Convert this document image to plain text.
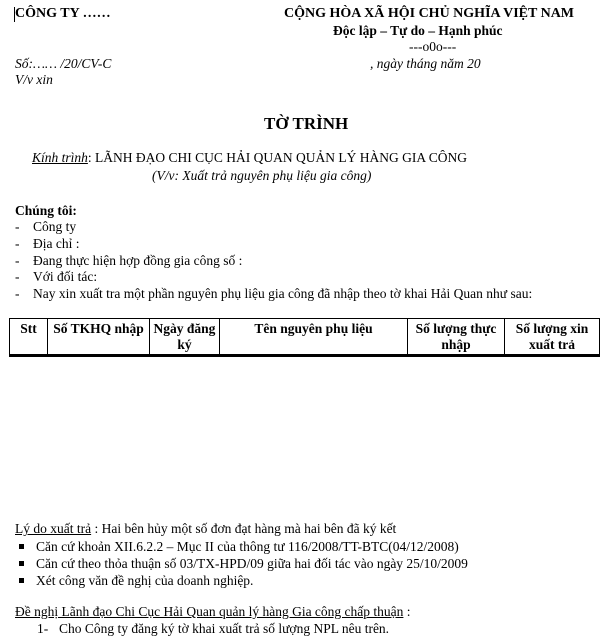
CÔNG TY ……	CỘNG HÒA XÃ HỘI CHỦ NGHĨA VIỆT NAM
Độc lập – Tự do – Hạnh phúc
---o0o---
Số:…… /20/CV-C	, ngày tháng năm 20
V/v xin
TỜ TRÌNH
Kính trình: LÃNH ĐẠO CHI CỤC HẢI QUAN QUẢN LÝ HÀNG GIA CÔNG
(V/v: Xuất trả nguyên phụ liệu gia công)
Chúng tôi:
- Công ty
- Địa chỉ :
- Đang thực hiện hợp đồng gia công số :
- Với đối tác:
- Nay xin xuất tra một phần nguyên phụ liệu gia công đã nhập theo tờ khai Hải Quan như sau:
Stt	Số TKHQ nhập	Ngày đăng ký	Tên nguyên phụ liệu	Số lượng thực nhập	Số lượng xin xuất trả

Lý do xuất trả : Hai bên hủy một số đơn đạt hàng mà hai bên đã ký kết
Căn cứ khoản XII.6.2.2 – Mục II của thông tư 116/2008/TT-BTC(04/12/2008)
Căn cứ theo thỏa thuận số 03/TX-HPD/09 giữa hai đối tác vào ngày 25/10/2009
Xét công văn đề nghị của doanh nghiệp.
Đề nghị Lãnh đạo Chi Cục Hải Quan quản lý hàng Gia công chấp thuận :
1- Cho Công ty đăng ký tờ khai xuất trả số lượng NPL nêu trên.
